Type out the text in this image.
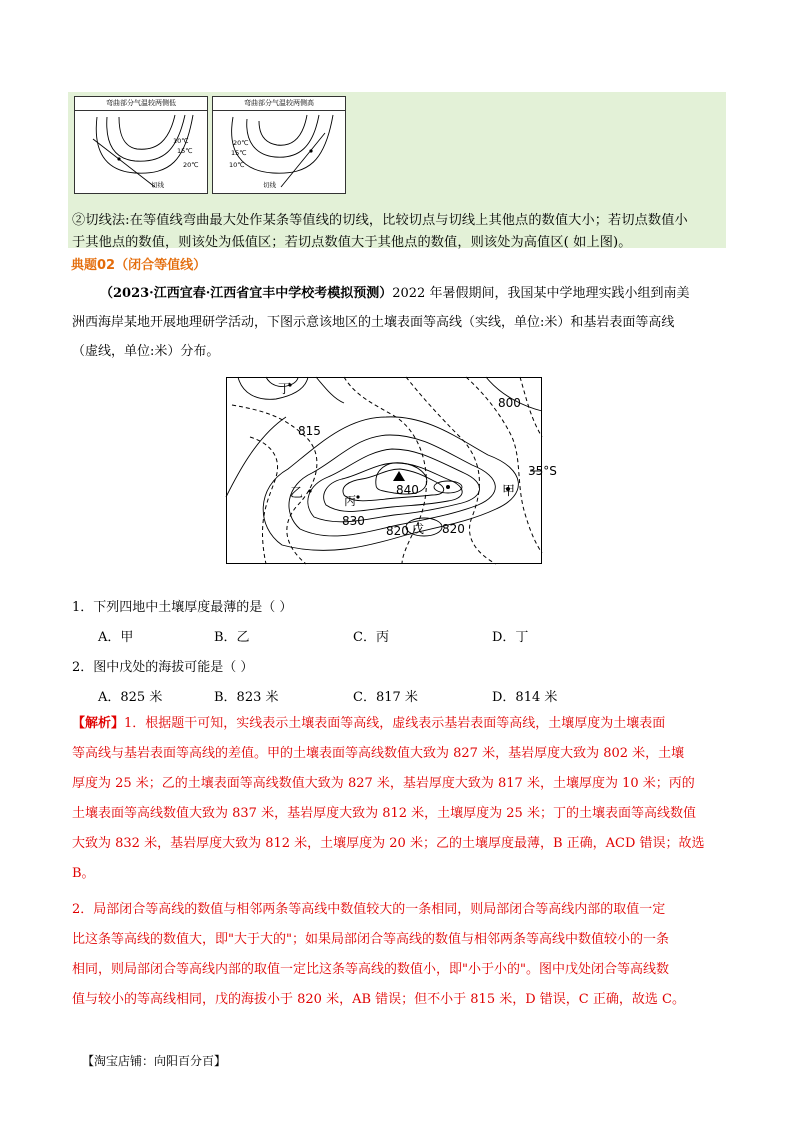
弯曲部分气温较两侧低
10℃
15℃
20℃
切线
弯曲部分气温较两侧高
20℃
15℃
10℃
切线
②切线法:在等值线弯曲最大处作某条等值线的切线，比较切点与切线上其他点的数值大小；若切点数值小
于其他点的数值，则该处为低值区；若切点数值大于其他点的数值，则该处为高值区( 如上图)。
典题02（闭合等值线）
（2023·江西宜春·江西省宜丰中学校考模拟预测）2022 年暑假期间，我国某中学地理实践小组到南美
洲西海岸某地开展地理研学活动，下图示意该地区的土壤表面等高线（实线，单位:米）和基岩表面等高线
（虚线，单位:米）分布。
丁
800
815
35°S
乙	丙
840	甲
830
820 戊 820
1．下列四地中土壤厚度最薄的是（ ）
A．甲	B．乙	C．丙	D．丁
2．图中戊处的海拔可能是（ ）
A．825 米	B．823 米	C．817 米	D．814 米
【解析】1．根据题干可知，实线表示土壤表面等高线，虚线表示基岩表面等高线，土壤厚度为土壤表面
等高线与基岩表面等高线的差值。甲的土壤表面等高线数值大致为 827 米，基岩厚度大致为 802 米，土壤
厚度为 25 米；乙的土壤表面等高线数值大致为 827 米，基岩厚度大致为 817 米，土壤厚度为 10 米；丙的
土壤表面等高线数值大致为 837 米，基岩厚度大致为 812 米，土壤厚度为 25 米；丁的土壤表面等高线数值
大致为 832 米，基岩厚度大致为 812 米，土壤厚度为 20 米；乙的土壤厚度最薄，B 正确，ACD 错误；故选
B。
2．局部闭合等高线的数值与相邻两条等高线中数值较大的一条相同，则局部闭合等高线内部的取值一定
比这条等高线的数值大，即"大于大的"；如果局部闭合等高线的数值与相邻两条等高线中数值较小的一条
相同，则局部闭合等高线内部的取值一定比这条等高线的数值小，即"小于小的"。图中戊处闭合等高线数
值与较小的等高线相同，戊的海拔小于 820 米，AB 错误；但不小于 815 米，D 错误，C 正确，故选 C。
【淘宝店铺：向阳百分百】
